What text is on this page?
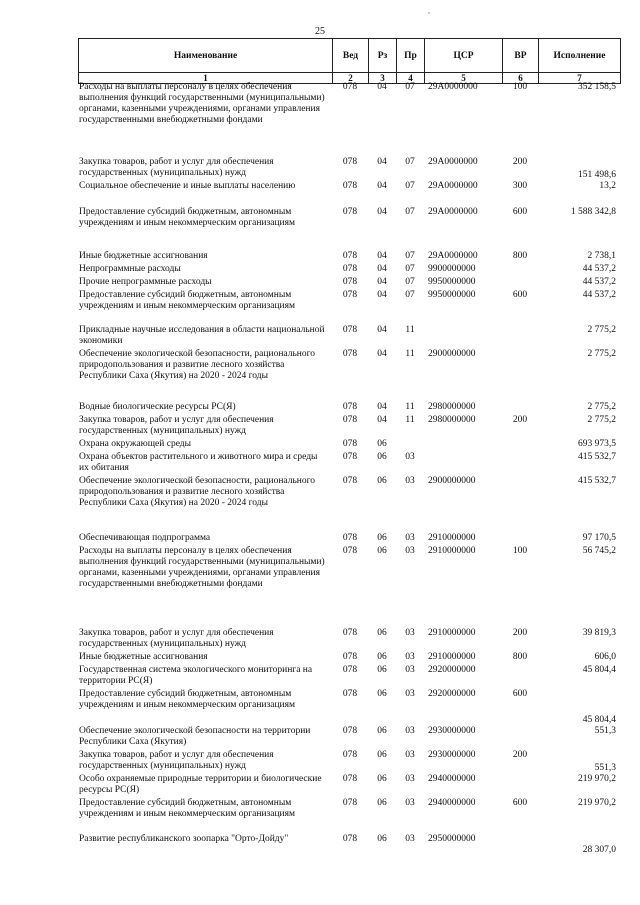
25
Наименование	Вед	Рз	Пр	ЦСР	ВР	Исполнение
1	2	3	4	5	6	7
Расходы на выплаты персоналу в целях обеспечения выполнения функций государственными (муниципальными) органами, казенными учреждениями, органами управления государственными внебюджетными фондами	078	04	07	29А0000000	100	352 158,5
Закупка товаров, работ и услуг для обеспечения государственных (муниципальных) нужд	078	04	07	29А0000000	200	151 498,6
Социальное обеспечение и иные выплаты населению	078	04	07	29А0000000	300	13,2
Предоставление субсидий бюджетным, автономным учреждениям и иным некоммерческим организациям	078	04	07	29А0000000	600	1 588 342,8
Иные бюджетные ассигнования	078	04	07	29А0000000	800	2 738,1
Непрограммные расходы	078	04	07	9900000000		44 537,2
Прочие непрограммные расходы	078	04	07	9950000000		44 537,2
Предоставление субсидий бюджетным, автономным учреждениям и иным некоммерческим организациям	078	04	07	9950000000	600	44 537,2
Прикладные научные исследования в области национальной экономики	078	04	11			2 775,2
Обеспечение экологической безопасности, рационального природопользования и развитие лесного хозяйства Республики Саха (Якутия) на 2020 - 2024 годы	078	04	11	2900000000		2 775,2
Водные биологические ресурсы РС(Я)	078	04	11	2980000000		2 775,2
Закупка товаров, работ и услуг для обеспечения государственных (муниципальных) нужд	078	04	11	2980000000	200	2 775,2
Охрана окружающей среды	078	06				693 973,5
Охрана объектов растительного и животного мира и среды их обитания	078	06	03			415 532,7
Обеспечение экологической безопасности, рационального природопользования и развитие лесного хозяйства Республики Саха (Якутия) на 2020 - 2024 годы	078	06	03	2900000000		415 532,7
Обеспечивающая подпрограмма	078	06	03	2910000000		97 170,5
Расходы на выплаты персоналу в целях обеспечения выполнения функций государственными (муниципальными) органами, казенными учреждениями, органами управления государственными внебюджетными фондами	078	06	03	2910000000	100	56 745,2
Закупка товаров, работ и услуг для обеспечения государственных (муниципальных) нужд	078	06	03	2910000000	200	39 819,3
Иные бюджетные ассигнования	078	06	03	2910000000	800	606,0
Государственная система экологического мониторинга на территории РС(Я)	078	06	03	2920000000		45 804,4
Предоставление субсидий бюджетным, автономным учреждениям и иным некоммерческим организациям	078	06	03	2920000000	600	45 804,4
Обеспечение экологической безопасности на территории Республики Саха (Якутия)	078	06	03	2930000000		551,3
Закупка товаров, работ и услуг для обеспечения государственных (муниципальных) нужд	078	06	03	2930000000	200	551,3
Особо охраняемые природные территории и биологические ресурсы РС(Я)	078	06	03	2940000000		219 970,2
Предоставление субсидий бюджетным, автономным учреждениям и иным некоммерческим организациям	078	06	03	2940000000	600	219 970,2
Развитие республиканского зоопарка "Орто-Дойду"	078	06	03	2950000000		28 307,0
